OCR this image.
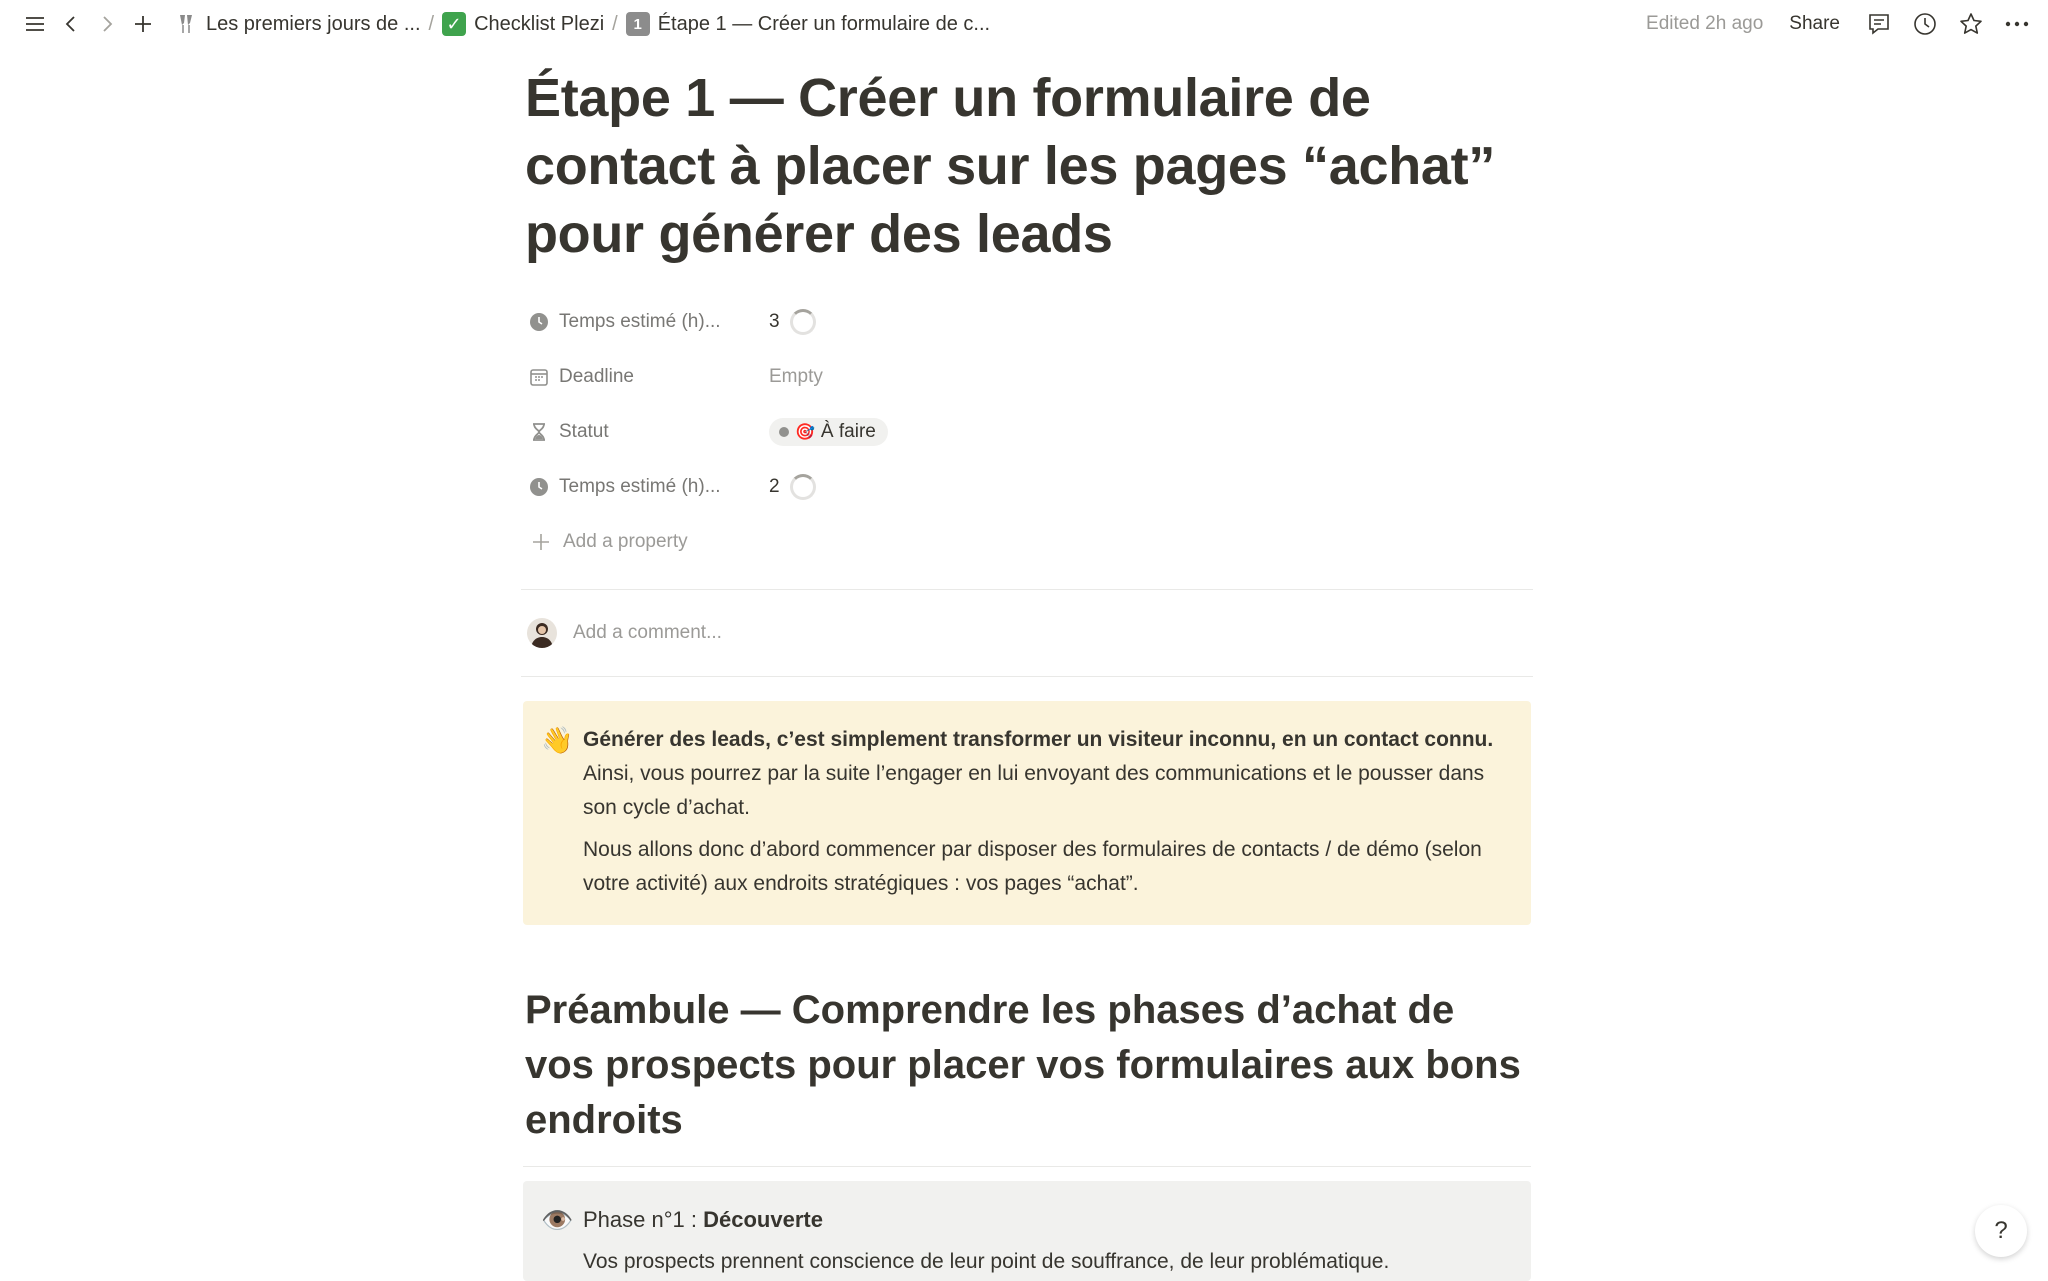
Les premiers jours de ... / ✓ Checklist Plezi /	1 Étape 1 — Créer un formulaire de c...	Edited 2h ago Share
Étape 1 — Créer un formulaire de
contact à placer sur les pages “achat”
pour générer des leads
Temps estimé (h)...	3
Deadline	Empty
Statut	🎯 À faire
Temps estimé (h)...	2
Add a property
Add a comment...
👋 Générer des leads, c’est simplement transformer un visiteur inconnu, en un contact connu. Ainsi, vous pourrez par la suite l’engager en lui envoyant des communications et le pousser dans son cycle d’achat.

Nous allons donc d’abord commencer par disposer des formulaires de contacts / de démo (selon votre activité) aux endroits stratégiques : vos pages “achat”.

Préambule — Comprendre les phases d’achat de
vos prospects pour placer vos formulaires aux bons
endroits
👁️ Phase n°1 : Découverte

Vos prospects prennent conscience de leur point de souffrance, de leur problématique.

?
